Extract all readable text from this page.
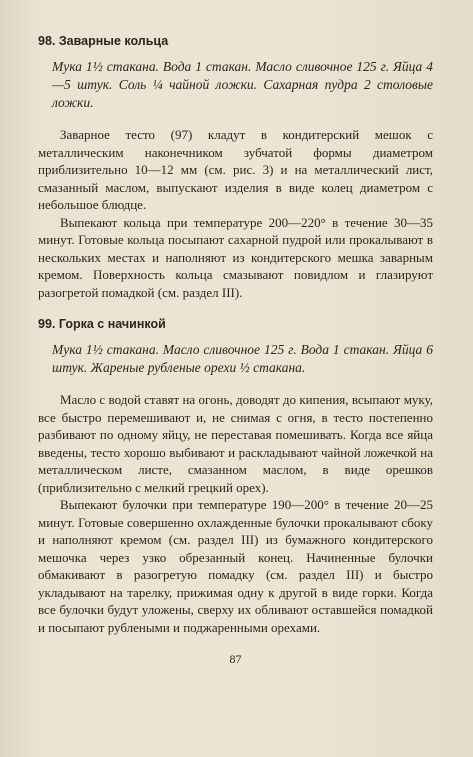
98. Заварные кольца

Мука 1½ стакана. Вода 1 стакан. Масло сливочное 125 г. Яйца 4—5 штук. Соль ¼ чайной ложки. Сахарная пудра 2 столовые ложки.

Заварное тесто (97) кладут в кондитерский мешок с металлическим наконечником зубчатой формы диаметром приблизительно 10—12 мм (см. рис. 3) и на металлический лист, смазанный маслом, выпускают изделия в виде колец диаметром с небольшое блюдце.

Выпекают кольца при температуре 200—220° в течение 30—35 минут. Готовые кольца посыпают сахарной пудрой или прокалывают в нескольких местах и наполняют из кондитерского мешка заварным кремом. Поверхность кольца смазывают повидлом и глазируют разогретой помадкой (см. раздел III).

99. Горка с начинкой

Мука 1½ стакана. Масло сливочное 125 г. Вода 1 стакан. Яйца 6 штук. Жареные рубленые орехи ½ стакана.

Масло с водой ставят на огонь, доводят до кипения, всыпают муку, все быстро перемешивают и, не снимая с огня, в тесто постепенно разбивают по одному яйцу, не переставая помешивать. Когда все яйца введены, тесто хорошо выбивают и раскладывают чайной ложечкой на металлическом листе, смазанном маслом, в виде орешков (приблизительно с мелкий грецкий орех).

Выпекают булочки при температуре 190—200° в течение 20—25 минут. Готовые совершенно охлажденные булочки прокалывают сбоку и наполняют кремом (см. раздел III) из бумажного кондитерского мешочка через узко обрезанный конец. Начиненные булочки обмакивают в разогретую помадку (см. раздел III) и быстро укладывают на тарелку, прижимая одну к другой в виде горки. Когда все булочки будут уложены, сверху их обливают оставшейся помадкой и посыпают рублеными и поджаренными орехами.

87
